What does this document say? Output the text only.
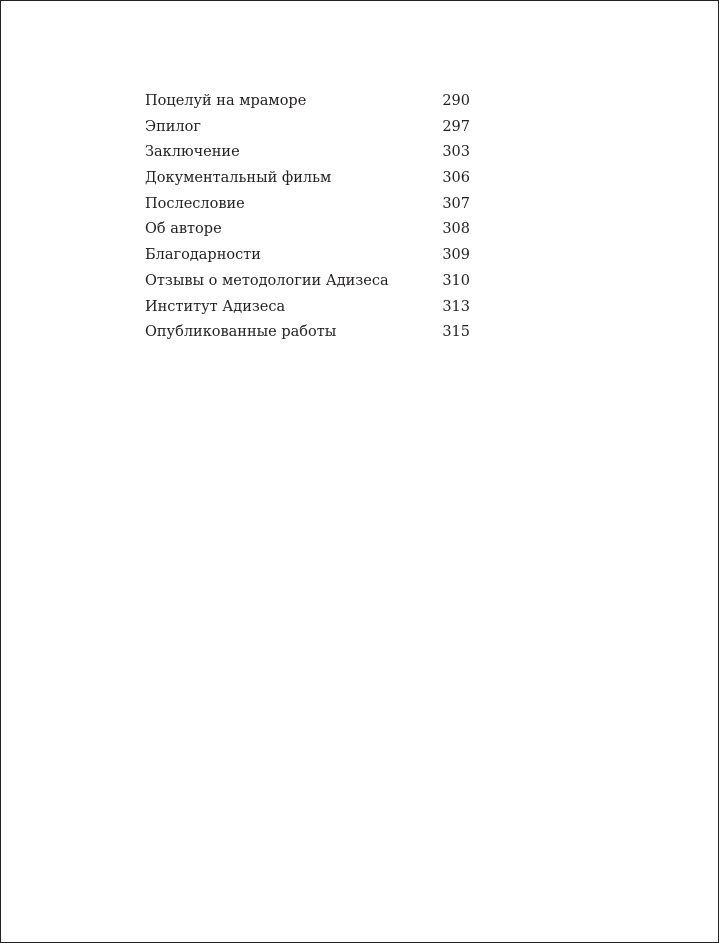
Поцелуй на мраморе	290
Эпилог	297
Заключение	303
Документальный фильм	306
Послесловие	307
Об авторе	308
Благодарности	309
Отзывы о методологии Адизеса	310
Институт Адизеса	313
Опубликованные работы	315
